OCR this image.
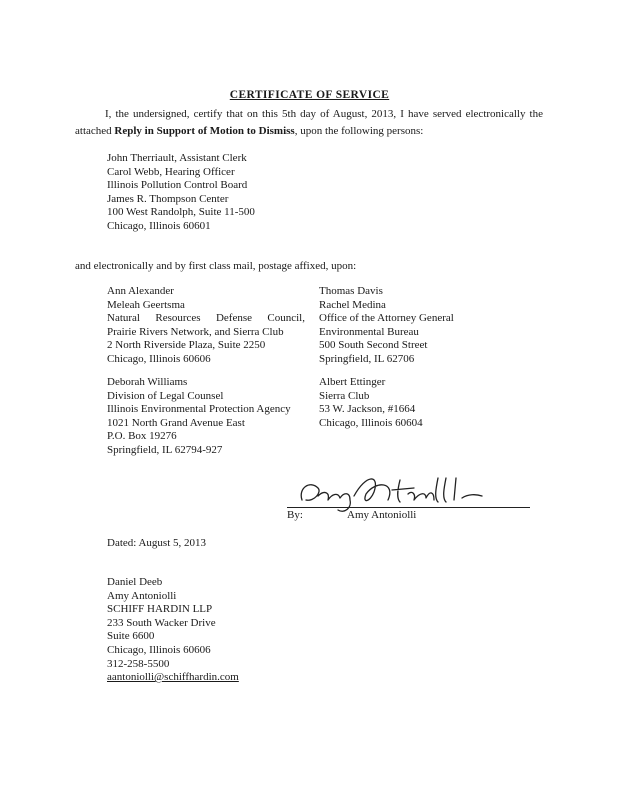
CERTIFICATE OF SERVICE
I, the undersigned, certify that on this 5th day of August, 2013, I have served electronically the attached Reply in Support of Motion to Dismiss, upon the following persons:
John Therriault, Assistant Clerk
Carol Webb, Hearing Officer
Illinois Pollution Control Board
James R. Thompson Center
100 West Randolph, Suite 11-500
Chicago, Illinois 60601
and electronically and by first class mail, postage affixed, upon:
Ann Alexander
Meleah Geertsma
Natural Resources Defense Council,
Prairie Rivers Network, and Sierra Club
2 North Riverside Plaza, Suite 2250
Chicago, Illinois 60606
Thomas Davis
Rachel Medina
Office of the Attorney General
Environmental Bureau
500 South Second Street
Springfield, IL 62706
Deborah Williams
Division of Legal Counsel
Illinois Environmental Protection Agency
1021 North Grand Avenue East
P.O. Box 19276
Springfield, IL 62794-927
Albert Ettinger
Sierra Club
53 W. Jackson, #1664
Chicago, Illinois 60604
By:	Amy Antoniolli
Dated: August 5, 2013
Daniel Deeb
Amy Antoniolli
SCHIFF HARDIN LLP
233 South Wacker Drive
Suite 6600
Chicago, Illinois 60606
312-258-5500
aantoniolli@schiffhardin.com
